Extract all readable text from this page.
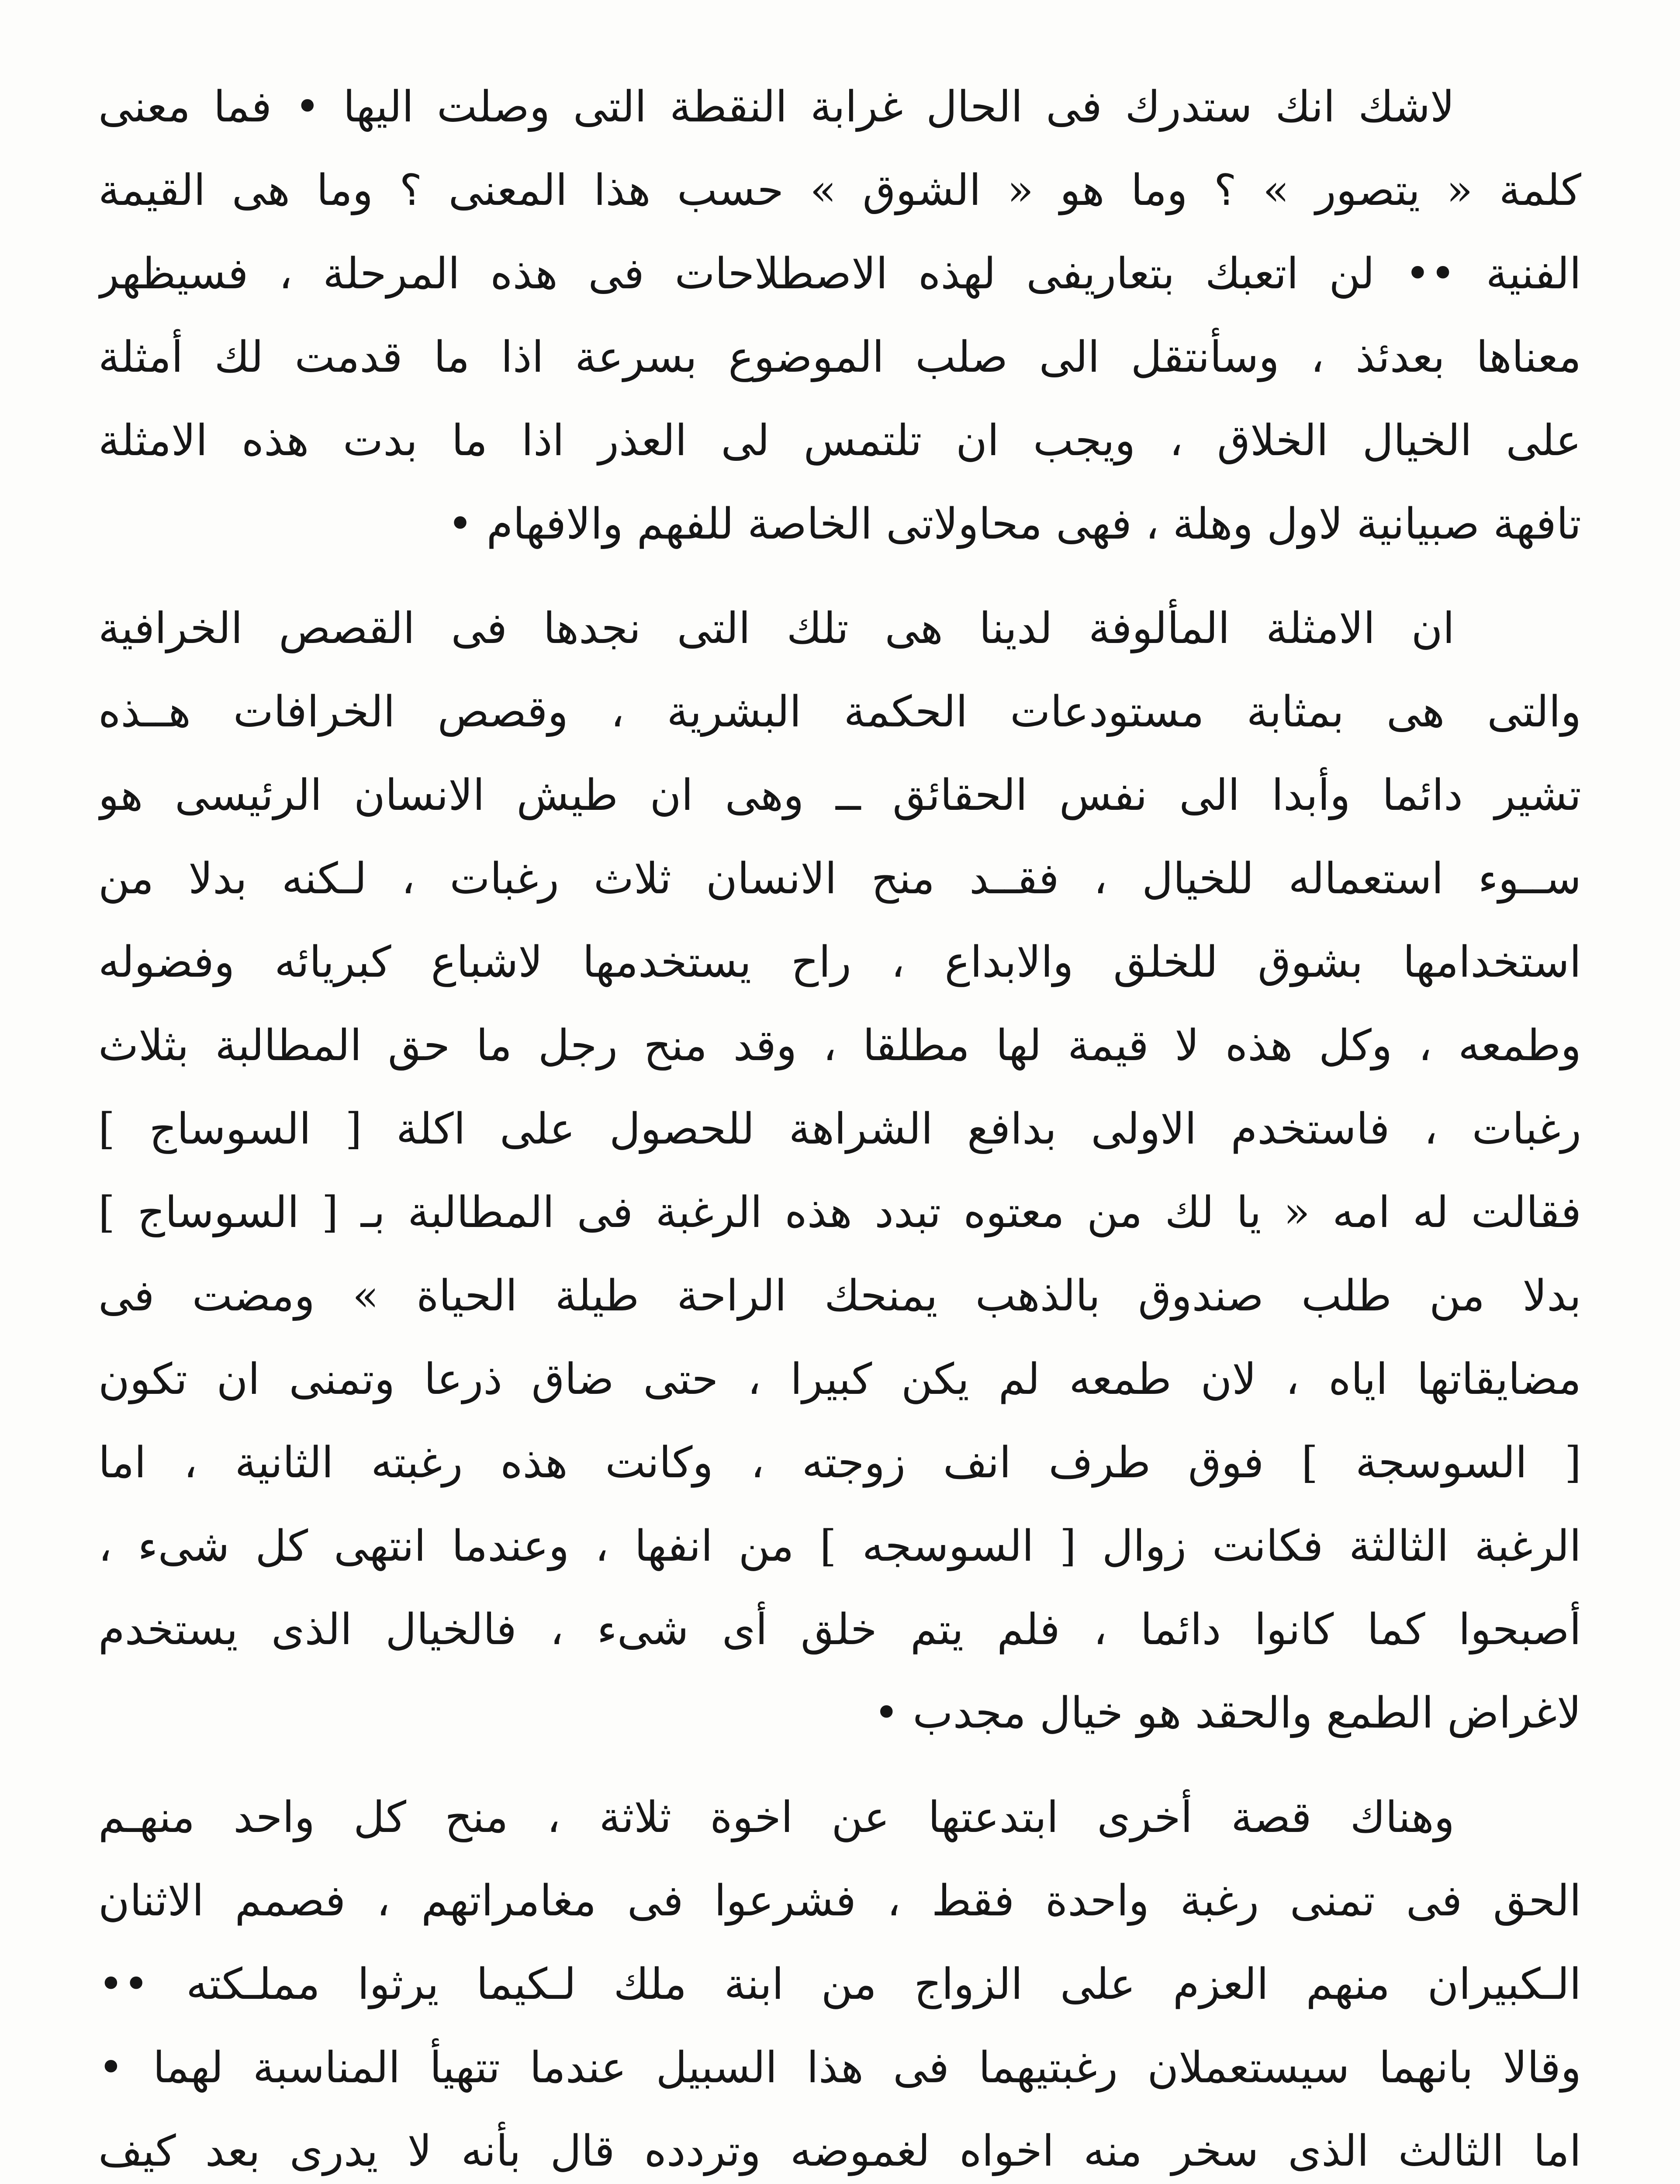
لاشك انك ستدرك فى الحال غرابة النقطة التى وصلت اليها • فما معنى
كلمة « يتصور » ؟ وما هو « الشوق » حسب هذا المعنى ؟ وما هى القيمة
الفنية •• لن اتعبك بتعاريفى لهذه الاصطلاحات فى هذه المرحلة ، فسيظهر
معناها بعدئذ ، وسأنتقل الى صلب الموضوع بسرعة اذا ما قدمت لك أمثلة
على الخيال الخلاق ، ويجب ان تلتمس لى العذر اذا ما بدت هذه الامثلة
تافهة صبيانية لاول وهلة ، فهى محاولاتى الخاصة للفهم والافهام •
ان الامثلة المألوفة لدينا هى تلك التى نجدها فى القصص الخرافية
والتى هى بمثابة مستودعات الحكمة البشرية ، وقصص الخرافات هــذه
تشير دائما وأبدا الى نفس الحقائق ــ وهى ان طيش الانسان الرئيسى هو
ســوء استعماله للخيال ، فقــد منح الانسان ثلاث رغبات ، لـكنه بدلا من
استخدامها بشوق للخلق والابداع ، راح يستخدمها لاشباع كبريائه وفضوله
وطمعه ، وكل هذه لا قيمة لها مطلقا ، وقد منح رجل ما حق المطالبة بثلاث
رغبات ، فاستخدم الاولى بدافع الشراهة للحصول على اكلة [ السوساج ]
فقالت له امه « يا لك من معتوه تبدد هذه الرغبة فى المطالبة بـ [ السوساج ]
بدلا من طلب صندوق بالذهب يمنحك الراحة طيلة الحياة » ومضت فى
مضايقاتها اياه ، لان طمعه لم يكن كبيرا ، حتى ضاق ذرعا وتمنى ان تكون
[ السوسجة ] فوق طرف انف زوجته ، وكانت هذه رغبته الثانية ، اما
الرغبة الثالثة فكانت زوال [ السوسجه ] من انفها ، وعندما انتهى كل شىء ،
أصبحوا كما كانوا دائما ، فلم يتم خلق أى شىء ، فالخيال الذى يستخدم
لاغراض الطمع والحقد هو خيال مجدب •
وهناك قصة أخرى ابتدعتها عن اخوة ثلاثة ، منح كل واحد منهـم
الحق فى تمنى رغبة واحدة فقط ، فشرعوا فى مغامراتهم ، فصمم الاثنان
الـكبيران منهم العزم على الزواج من ابنة ملك لـكيما يرثوا مملـكته ••
وقالا بانهما سيستعملان رغبتيهما فى هذا السبيل عندما تتهيأ المناسبة لهما •
اما الثالث الذى سخر منه اخواه لغموضه وتردده قال بأنه لا يدرى بعد كيف
